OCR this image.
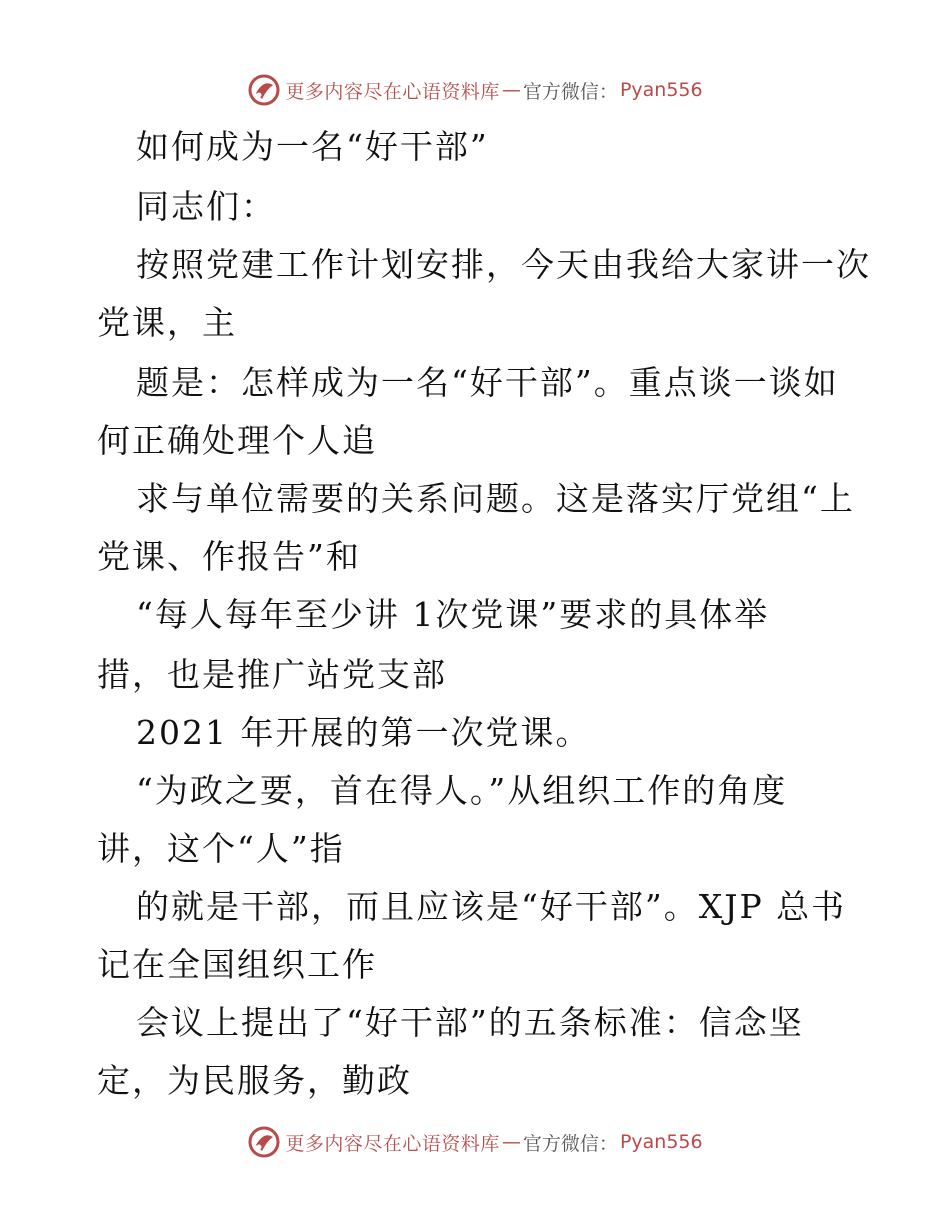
更多内容尽在心语资料库 — 官方微信： Pyan556
如何成为一名“好干部”
同志们：
按照党建工作计划安排，今天由我给大家讲一次
党课，主
题是：怎样成为一名“好干部”。重点谈一谈如
何正确处理个人追
求与单位需要的关系问题。这是落实厅党组“上
党课、作报告”和
“每人每年至少讲 1次党课”要求的具体举
措，也是推广站党支部
2021 年开展的第一次党课。
“为政之要，首在得人。”从组织工作的角度
讲，这个“人”指
的就是干部，而且应该是“好干部”。XJP 总书
记在全国组织工作
会议上提出了“好干部”的五条标准：信念坚
定，为民服务，勤政
更多内容尽在心语资料库 — 官方微信： Pyan556
